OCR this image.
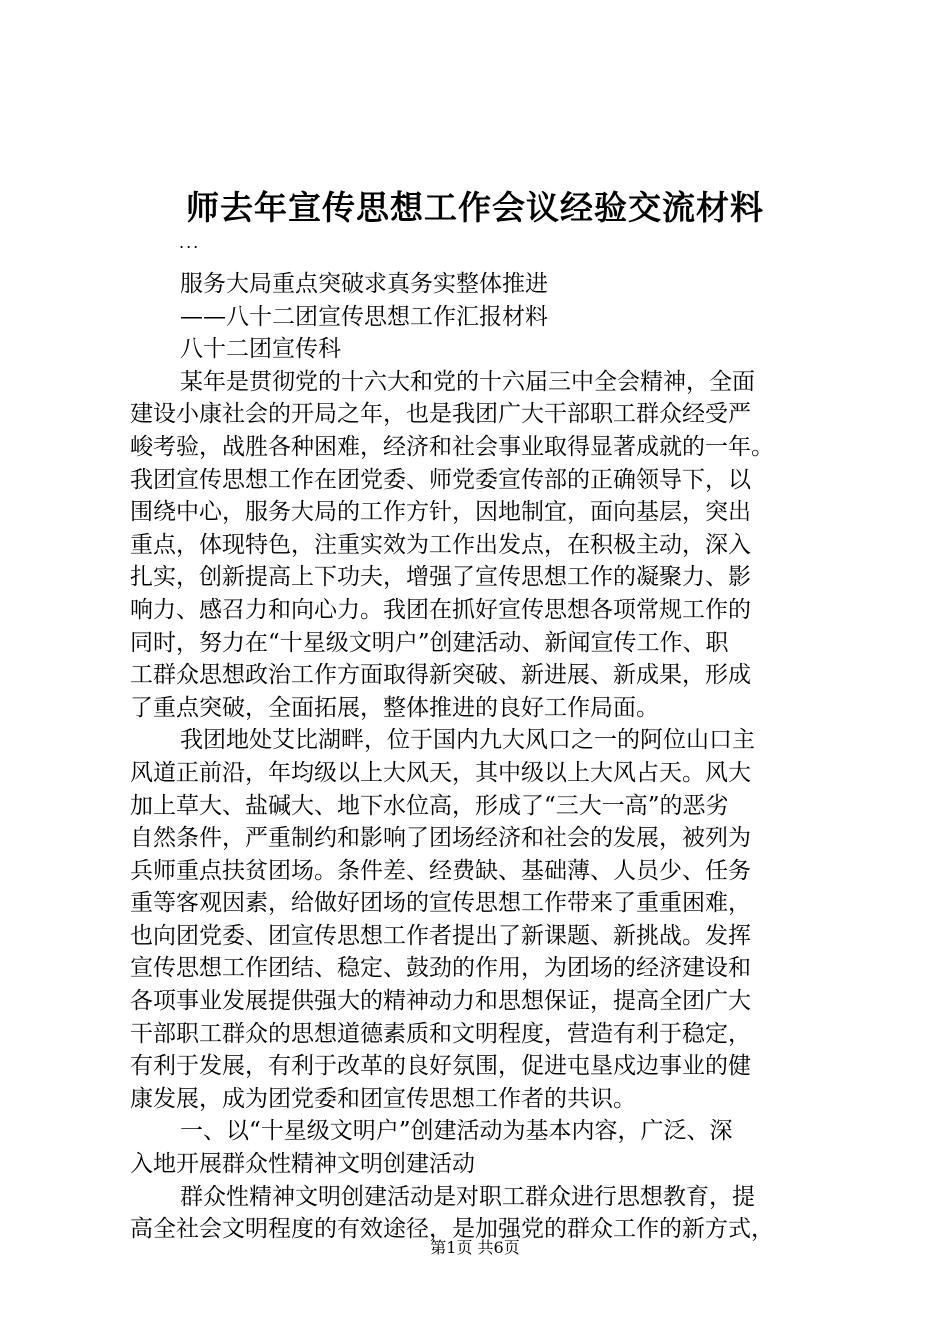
师去年宣传思想工作会议经验交流材料
...

服务大局重点突破求真务实整体推进

——八十二团宣传思想工作汇报材料

八十二团宣传科

某年是贯彻党的十六大和党的十六届三中全会精神，全面

建设小康社会的开局之年，也是我团广大干部职工群众经受严

峻考验，战胜各种困难，经济和社会事业取得显著成就的一年。

我团宣传思想工作在团党委、师党委宣传部的正确领导下，以

围绕中心，服务大局的工作方针，因地制宜，面向基层，突出

重点，体现特色，注重实效为工作出发点，在积极主动，深入

扎实，创新提高上下功夫，增强了宣传思想工作的凝聚力、影

响力、感召力和向心力。我团在抓好宣传思想各项常规工作的

同时，努力在“十星级文明户”创建活动、新闻宣传工作、职

工群众思想政治工作方面取得新突破、新进展、新成果，形成

了重点突破，全面拓展，整体推进的良好工作局面。

我团地处艾比湖畔，位于国内九大风口之一的阿位山口主

风道正前沿，年均级以上大风天，其中级以上大风占天。风大

加上草大、盐碱大、地下水位高，形成了“三大一高”的恶劣

自然条件，严重制约和影响了团场经济和社会的发展，被列为

兵师重点扶贫团场。条件差、经费缺、基础薄、人员少、任务

重等客观因素，给做好团场的宣传思想工作带来了重重困难，

也向团党委、团宣传思想工作者提出了新课题、新挑战。发挥

宣传思想工作团结、稳定、鼓劲的作用，为团场的经济建设和

各项事业发展提供强大的精神动力和思想保证，提高全团广大

干部职工群众的思想道德素质和文明程度，营造有利于稳定，

有利于发展，有利于改革的良好氛围，促进屯垦戍边事业的健

康发展，成为团党委和团宣传思想工作者的共识。

一、以“十星级文明户”创建活动为基本内容，广泛、深

入地开展群众性精神文明创建活动

群众性精神文明创建活动是对职工群众进行思想教育，提

高全社会文明程度的有效途径，是加强党的群众工作的新方式，

第1页 共6页
